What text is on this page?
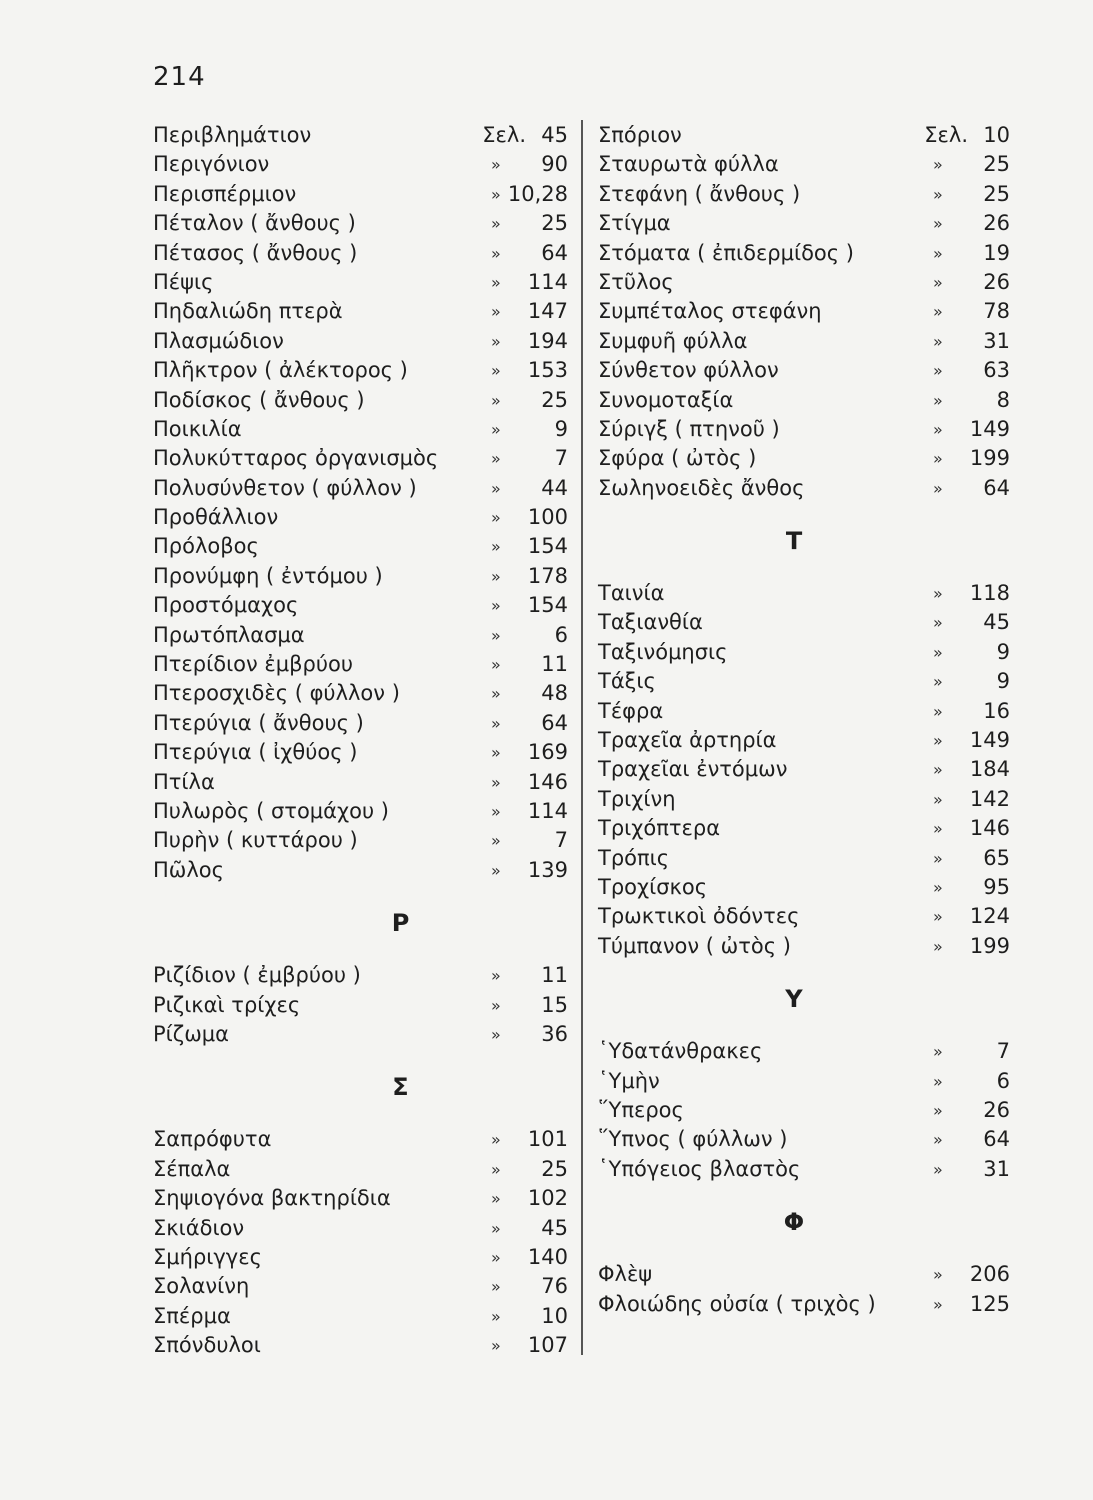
214
Περιβλημάτιον	Σελ. 45
Περιγόνιον	» 90
Περισπέρμιον	» 10,28
Πέταλον ( ἄνθους )	» 25
Πέτασος ( ἄνθους )	» 64
Πέψις	» 114
Πηδαλιώδη πτερὰ	» 147
Πλασμώδιον	» 194
Πλῆκτρον ( ἀλέκτορος )	» 153
Ποδίσκος ( ἄνθους )	» 25
Ποικιλία	»	9
Πολυκύτταρος ὀργανισμὸς	»	7
Πολυσύνθετον ( φύλλον )	» 44
Προθάλλιον	» 100
Πρόλοβος	» 154
Πρoνύμφη ( ἐντόμου )	» 178
Προστόμαχος	» 154
Πρωτόπλασμα	»	6
Πτερίδιον ἐμβρύου	» 11
Πτεροσχιδὲς ( φύλλον )	» 48
Πτερύγια ( ἄνθους )	» 64
Πτερύγια ( ἰχθύος )	» 169
Πτίλα	» 146
Πυλωρὸς ( στομάχου )	» 114
Πυρὴν ( κυττάρου )	»	7
Πῶλος	» 139
Ρ
Ριζίδιον ( ἐμβρύου )	» 11
Ριζικαὶ τρίχες	» 15
Ρίζωμα	» 36
Σ
Σαπρόφυτα	» 101
Σέπαλα	» 25
Σηψιογόνα βακτηρίδια	» 102
Σκιάδιον	» 45
Σμήριγγες	» 140
Σολανίνη	» 76
Σπέρμα	» 10
Σπόνδυλοι	» 107
Σπόριον	Σελ. 10
Σταυρωτὰ φύλλα	» 25
Στεφάνη ( ἄνθους )	» 25
Στίγμα	» 26
Στόματα ( ἐπιδερμίδος )	» 19
Στῦλος	» 26
Συμπέταλος στεφάνη	» 78
Συμφυῆ φύλλα	» 31
Σύνθετον φύλλον	» 63
Συνομοταξία	»	8
Σύριγξ ( πτηνοῦ )	» 149
Σφύρα ( ὠτὸς )	» 199
Σωληνοειδὲς ἄνθος	» 64
Τ
Ταινία	» 118
Ταξιανθία	» 45
Ταξινόμησις	»	9
Τάξις	»	9
Τέφρα	» 16
Τραχεῖα ἀρτηρία	» 149
Τραχεῖαι ἐντόμων	» 184
Τριχίνη	» 142
Τριχόπτερα	» 146
Τρόπις	» 65
Τροχίσκος	» 95
Τρωκτικοὶ ὀδόντες	» 124
Τύμπανον ( ὠτὸς )	» 199
Υ
῾Υδατάνθρακες	»	7
῾Υμὴν	»	6
῞Υπερος	» 26
῞Υπνος ( φύλλων )	» 64
῾Υπόγειος βλαστὸς	» 31
Φ
Φλὲψ	» 206
Φλοιώδης οὐσία ( τριχὸς )	» 125
